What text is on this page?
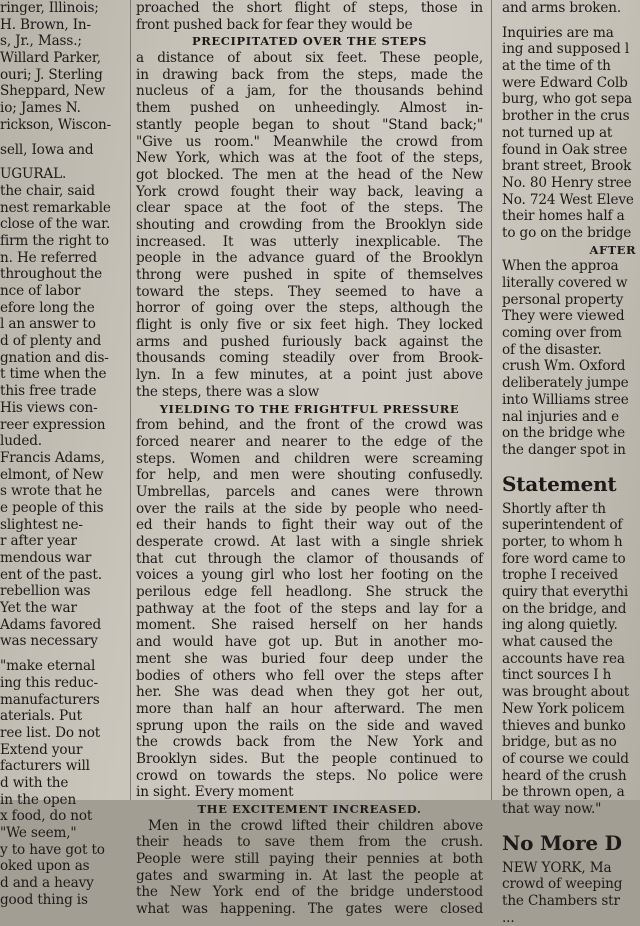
ringer, Illinois;
H. Brown, In-
s, Jr., Mass.;
Willard Parker,
ouri; J. Sterling
Sheppard, New
io; James N.
rickson, Wiscon-
sell, Iowa and
UGURAL.
the chair, said
nest remarkable
close of the war.
firm the right to
n. He referred
throughout the
nce of labor
efore long the
l an answer to
d of plenty and
gnation and dis-
t time when the
this free trade
His views con-
reer expression
luded.
Francis Adams,
elmont, of New
s wrote that he
e people of this
slightest ne-
r after year
mendous war
ent of the past.
rebellion was
Yet the war
Adams favored
was necessary
"make eternal
ing this reduc-
manufacturers
aterials. Put
ree list. Do not
Extend your
facturers will
d with the
in the open
x food, do not
"We seem,"
y to have got to
oked upon as
d and a heavy
good thing is
proached the short flight of steps, those in
front pushed back for fear they would be
PRECIPITATED OVER THE STEPS
a distance of about six feet. These people,
in drawing back from the steps, made the
nucleus of a jam, for the thousands behind
them pushed on unheedingly. Almost in-
stantly people began to shout "Stand back;"
"Give us room." Meanwhile the crowd from
New York, which was at the foot of the steps,
got blocked. The men at the head of the New
York crowd fought their way back, leaving a
clear space at the foot of the steps. The
shouting and crowding from the Brooklyn side
increased. It was utterly inexplicable. The
people in the advance guard of the Brooklyn
throng were pushed in spite of themselves
toward the steps. They seemed to have a
horror of going over the steps, although the
flight is only five or six feet high. They locked
arms and pushed furiously back against the
thousands coming steadily over from Brook-
lyn. In a few minutes, at a point just above
the steps, there was a slow
YIELDING TO THE FRIGHTFUL PRESSURE
from behind, and the front of the crowd was
forced nearer and nearer to the edge of the
steps. Women and children were screaming
for help, and men were shouting confusedly.
Umbrellas, parcels and canes were thrown
over the rails at the side by people who need-
ed their hands to fight their way out of the
desperate crowd. At last with a single shriek
that cut through the clamor of thousands of
voices a young girl who lost her footing on the
perilous edge fell headlong. She struck the
pathway at the foot of the steps and lay for a
moment. She raised herself on her hands
and would have got up. But in another mo-
ment she was buried four deep under the
bodies of others who fell over the steps after
her. She was dead when they got her out,
more than half an hour afterward. The men
sprung upon the rails on the side and waved
the crowds back from the New York and
Brooklyn sides. But the people continued to
crowd on towards the steps. No police were
in sight. Every moment
THE EXCITEMENT INCREASED.
Men in the crowd lifted their children above
their heads to save them from the crush.
People were still paying their pennies at both
gates and swarming in. At last the people at
the New York end of the bridge understood
what was happening. The gates were closed
and arms broken.
Inquiries are ma
ing and supposed l
at the time of th
were Edward Colb
burg, who got sepa
brother in the crus
not turned up at
found in Oak stree
brant street, Brook
No. 80 Henry stree
No. 724 West Eleve
their homes half a
to go on the bridge
AFTER
When the approa
literally covered w
personal property
They were viewed
coming over from
of the disaster.
crush Wm. Oxford
deliberately jumpe
into Williams stree
nal injuries and e
on the bridge whe
the danger spot in
Statement
Shortly after th
superintendent of
porter, to whom h
fore word came to
trophe I received
quiry that everythi
on the bridge, and
ing along quietly.
what caused the
accounts have rea
tinct sources I h
was brought about
New York policem
thieves and bunko
bridge, but as no
of course we could
heard of the crush
be thrown open, a
that way now."
No More D
NEW YORK, Ma
crowd of weeping
the Chambers str
...
